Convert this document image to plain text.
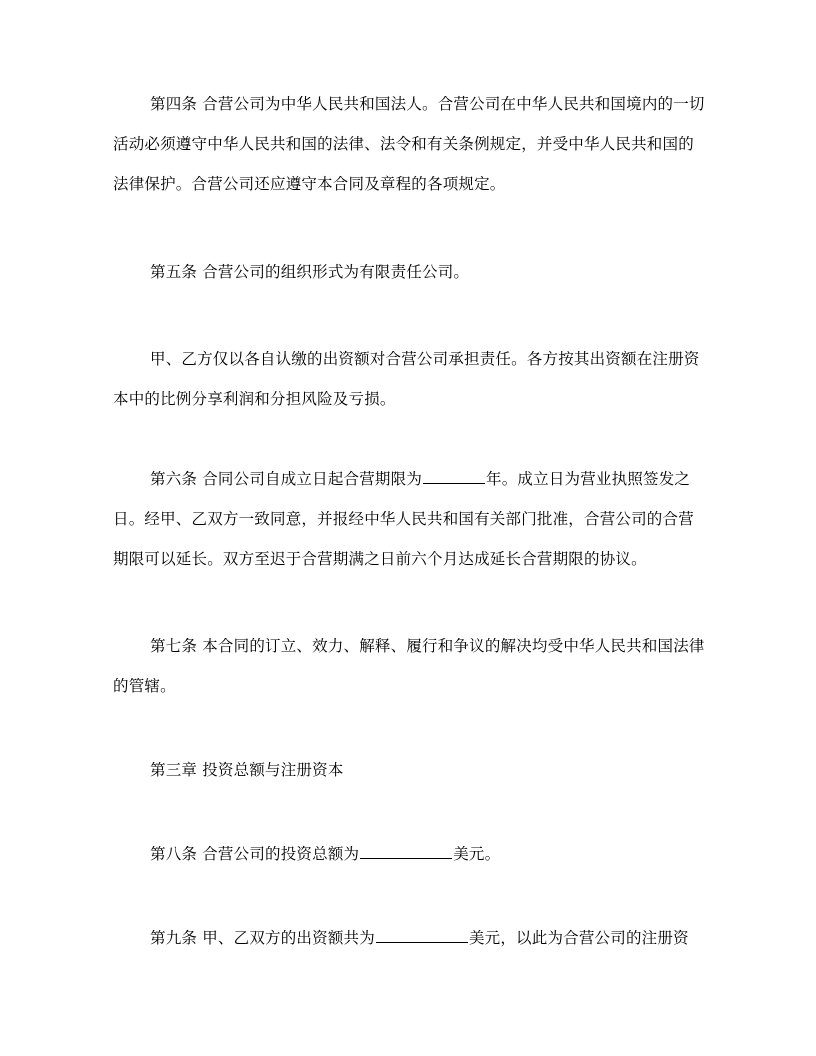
第四条 合营公司为中华人民共和国法人。合营公司在中华人民共和国境内的一切活动必须遵守中华人民共和国的法律、法令和有关条例规定，并受中华人民共和国的法律保护。合营公司还应遵守本合同及章程的各项规定。
第五条 合营公司的组织形式为有限责任公司。
甲、乙方仅以各自认缴的出资额对合营公司承担责任。各方按其出资额在注册资本中的比例分享利润和分担风险及亏损。
第六条 合同公司自成立日起合营期限为	年。成立日为营业执照签发之日。经甲、乙双方一致同意，并报经中华人民共和国有关部门批准，合营公司的合营期限可以延长。双方至迟于合营期满之日前六个月达成延长合营期限的协议。
第七条 本合同的订立、效力、解释、履行和争议的解决均受中华人民共和国法律的管辖。
第三章 投资总额与注册资本
第八条 合营公司的投资总额为	美元。
第九条 甲、乙双方的出资额共为	美元，以此为合营公司的注册资
